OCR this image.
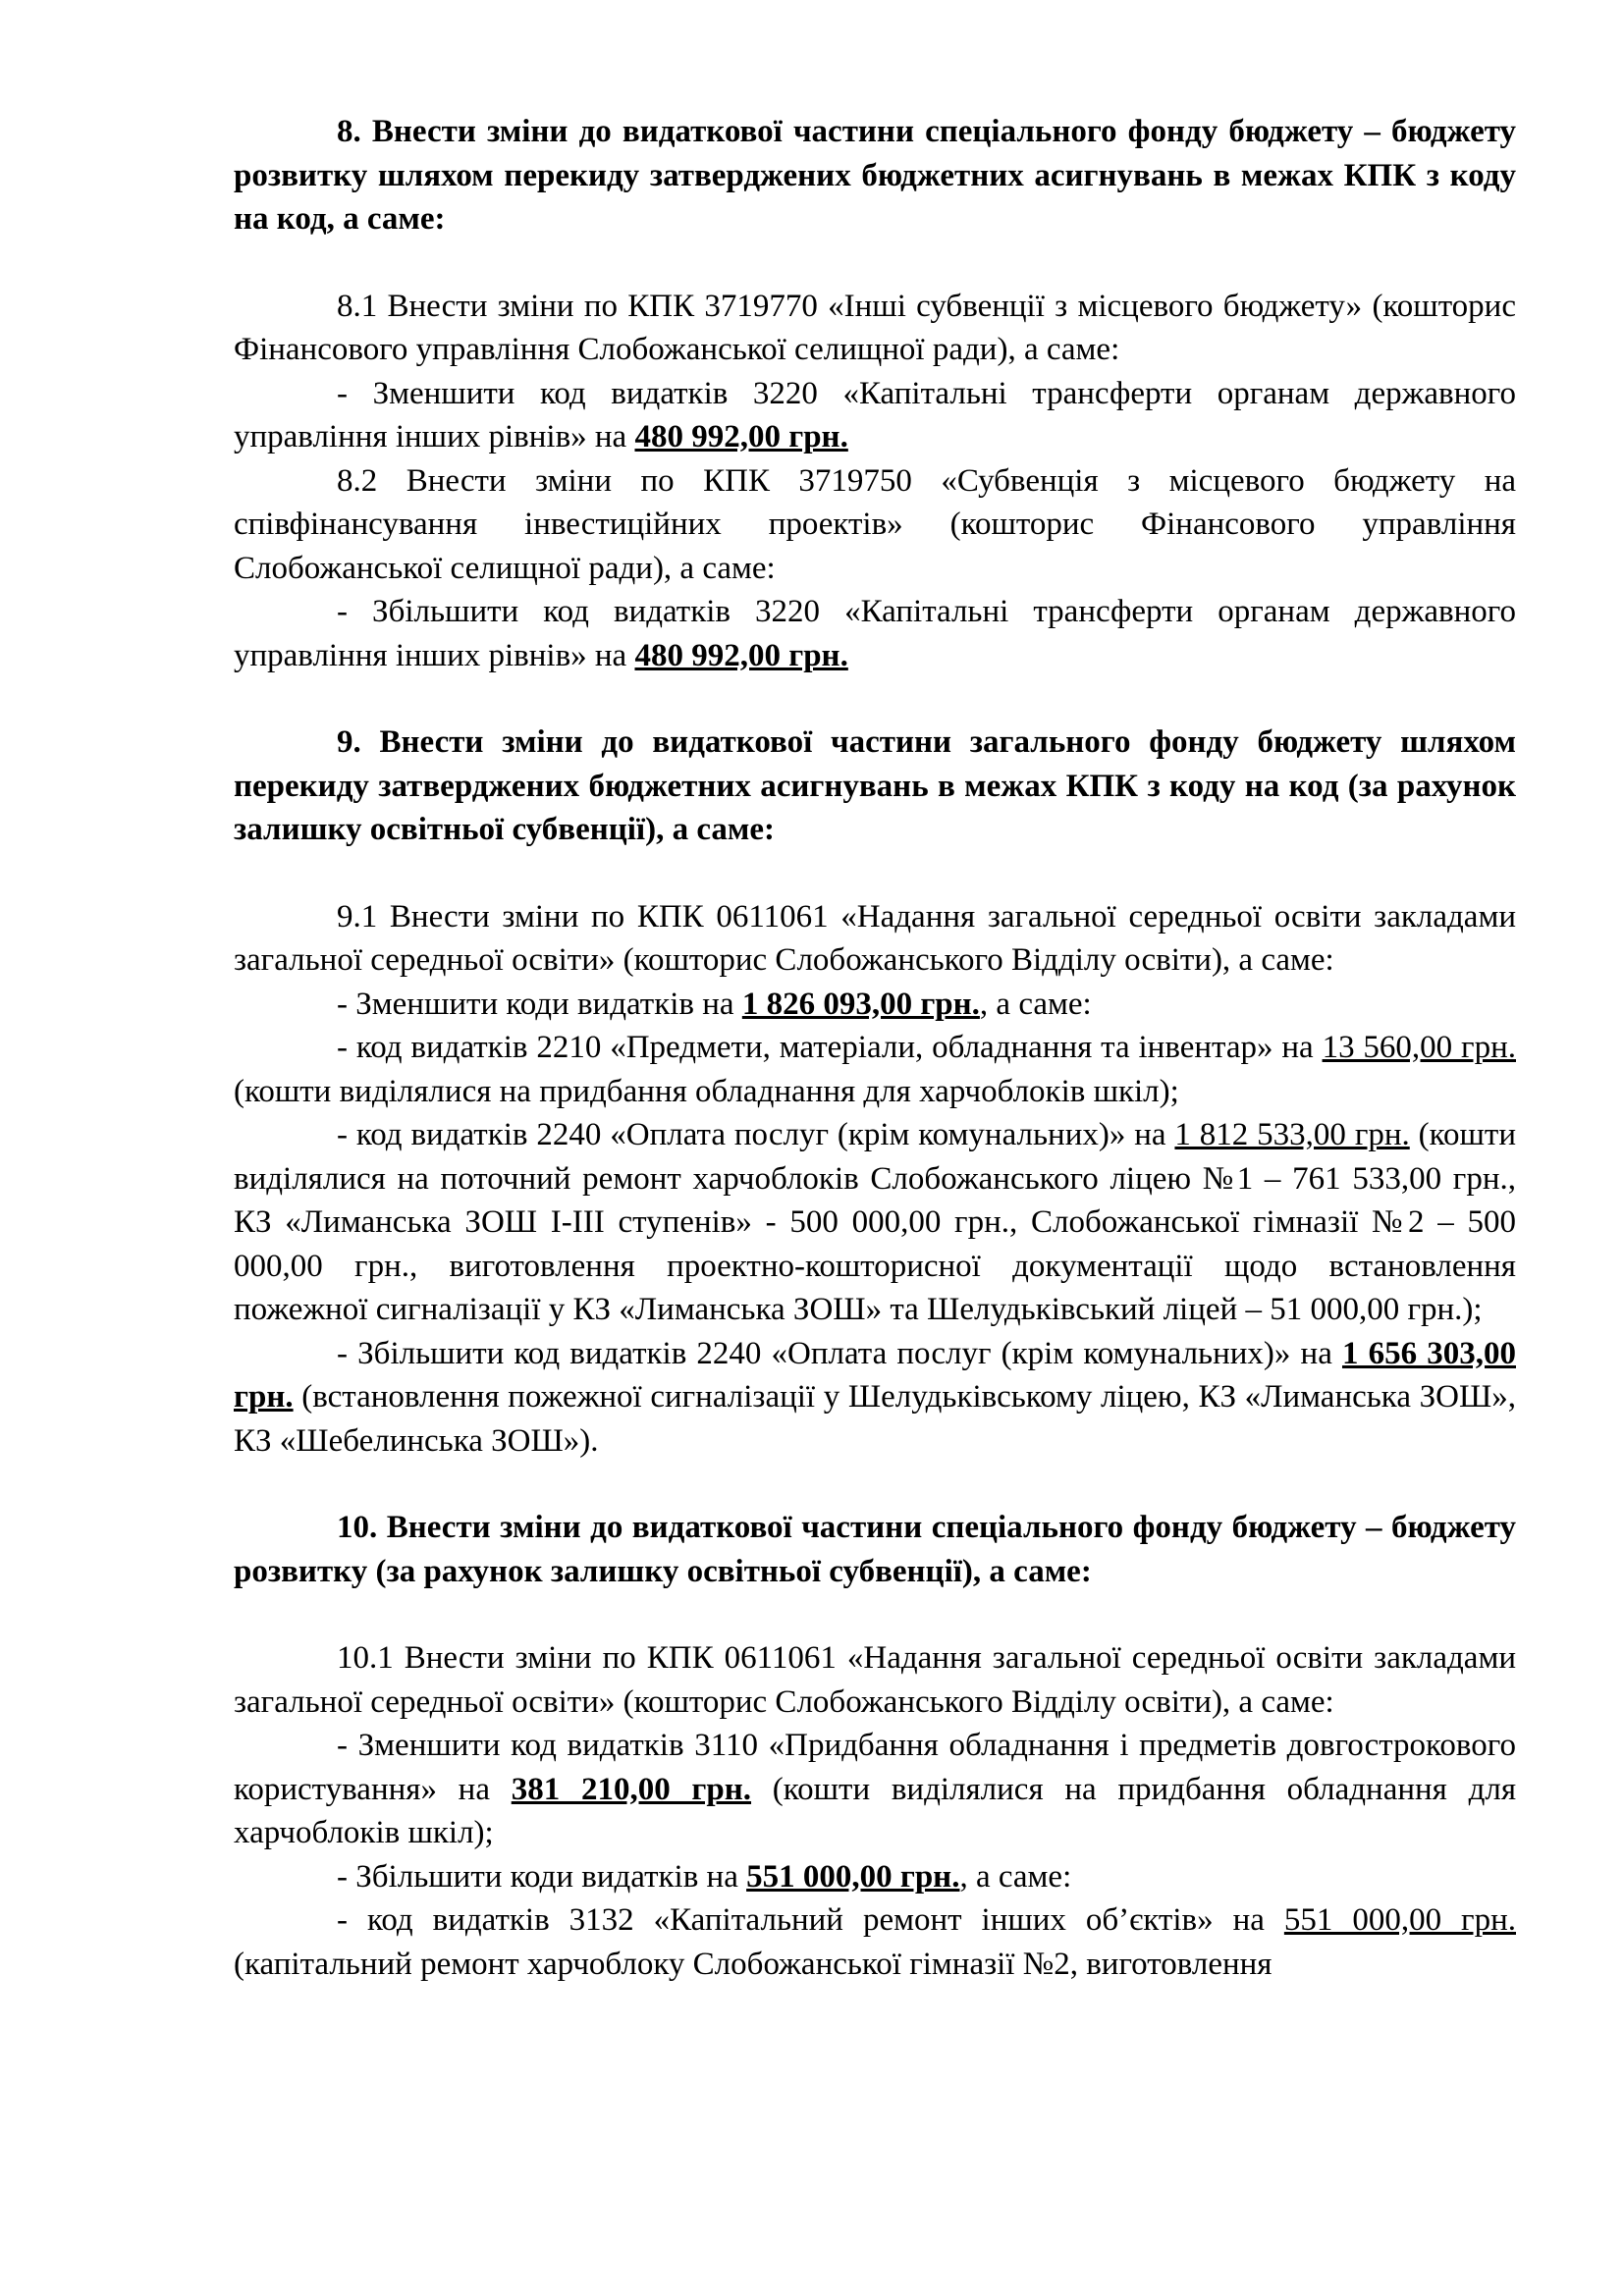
8. Внести зміни до видаткової частини спеціального фонду бюджету – бюджету розвитку шляхом перекиду затверджених бюджетних асигнувань в межах КПК з коду на код, а саме:

8.1 Внести зміни по КПК 3719770 «Інші субвенції з місцевого бюджету» (кошторис Фінансового управління Слобожанської селищної ради), а саме:

- Зменшити код видатків 3220 «Капітальні трансферти органам державного управління інших рівнів» на 480 992,00 грн.

8.2 Внести зміни по КПК 3719750 «Субвенція з місцевого бюджету на співфінансування інвестиційних проектів» (кошторис Фінансового управління Слобожанської селищної ради), а саме:

- Збільшити код видатків 3220 «Капітальні трансферти органам державного управління інших рівнів» на 480 992,00 грн.

9. Внести зміни до видаткової частини загального фонду бюджету шляхом перекиду затверджених бюджетних асигнувань в межах КПК з коду на код (за рахунок залишку освітньої субвенції), а саме:

9.1 Внести зміни по КПК 0611061 «Надання загальної середньої освіти закладами загальної середньої освіти» (кошторис Слобожанського Відділу освіти), а саме:

- Зменшити коди видатків на 1 826 093,00 грн., а саме:

- код видатків 2210 «Предмети, матеріали, обладнання та інвентар» на 13 560,00 грн. (кошти виділялися на придбання обладнання для харчоблоків шкіл);

- код видатків 2240 «Оплата послуг (крім комунальних)» на 1 812 533,00 грн. (кошти виділялися на поточний ремонт харчоблоків Слобожанського ліцею №1 – 761 533,00 грн., КЗ «Лиманська ЗОШ І-ІІІ ступенів» - 500 000,00 грн., Слобожанської гімназії №2 – 500 000,00 грн., виготовлення проектно-кошторисної документації щодо встановлення пожежної сигналізації у КЗ «Лиманська ЗОШ» та Шелудьківський ліцей – 51 000,00 грн.);

- Збільшити код видатків 2240 «Оплата послуг (крім комунальних)» на 1 656 303,00 грн. (встановлення пожежної сигналізації у Шелудьківському ліцею, КЗ «Лиманська ЗОШ», КЗ «Шебелинська ЗОШ»).

10. Внести зміни до видаткової частини спеціального фонду бюджету – бюджету розвитку (за рахунок залишку освітньої субвенції), а саме:

10.1 Внести зміни по КПК 0611061 «Надання загальної середньої освіти закладами загальної середньої освіти» (кошторис Слобожанського Відділу освіти), а саме:

- Зменшити код видатків 3110 «Придбання обладнання і предметів довгострокового користування» на 381 210,00 грн. (кошти виділялися на придбання обладнання для харчоблоків шкіл);

- Збільшити коди видатків на 551 000,00 грн., а саме:

- код видатків 3132 «Капітальний ремонт інших об’єктів» на 551 000,00 грн. (капітальний ремонт харчоблоку Слобожанської гімназії №2, виготовлення
